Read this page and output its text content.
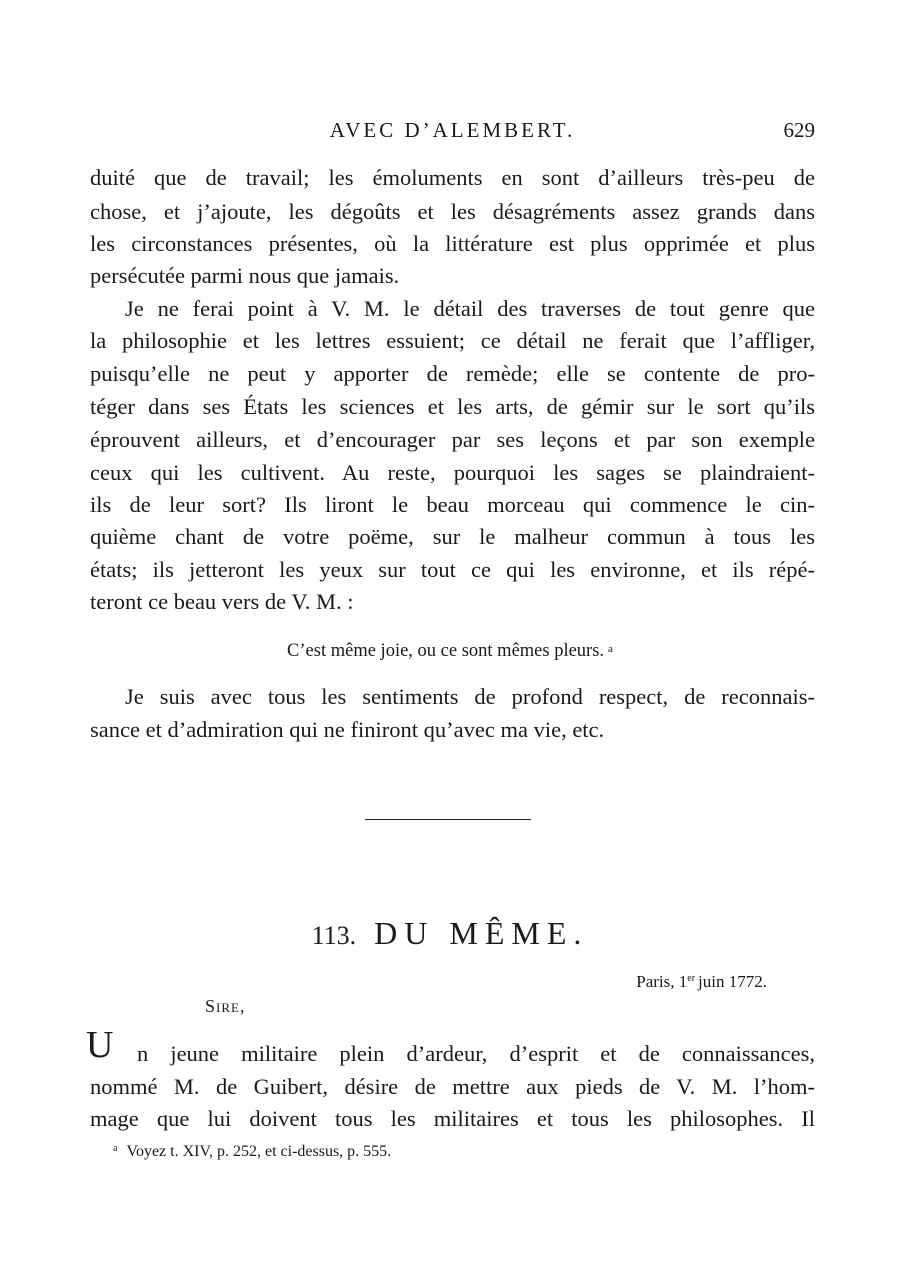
AVEC D’ALEMBERT.	629
duité que de travail; les émoluments en sont d’ailleurs très-peu de
chose, et j’ajoute, les dégoûts et les désagréments assez grands dans
les circonstances présentes, où la littérature est plus opprimée et plus
persécutée parmi nous que jamais.
Je ne ferai point à V. M. le détail des traverses de tout genre que
la philosophie et les lettres essuient; ce détail ne ferait que l’affliger,
puisqu’elle ne peut y apporter de remède; elle se contente de pro-
téger dans ses États les sciences et les arts, de gémir sur le sort qu’ils
éprouvent ailleurs, et d’encourager par ses leçons et par son exemple
ceux qui les cultivent. Au reste, pourquoi les sages se plaindraient-
ils de leur sort? Ils liront le beau morceau qui commence le cin-
quième chant de votre poëme, sur le malheur commun à tous les
états; ils jetteront les yeux sur tout ce qui les environne, et ils répé-
teront ce beau vers de V. M. :
C’est même joie, ou ce sont mêmes pleurs. $^a$
Je suis avec tous les sentiments de profond respect, de reconnais-
sance et d’admiration qui ne finiront qu’avec ma vie, etc.
113. DU MÊME.
Paris, 1er juin 1772.
Sire,
U n jeune militaire plein d’ardeur, d’esprit et de connaissances,
nommé M. de Guibert, désire de mettre aux pieds de V. M. l’hom-
mage que lui doivent tous les militaires et tous les philosophes. Il
$^a$ Voyez t. XIV, p. 252, et ci-dessus, p. 555.
